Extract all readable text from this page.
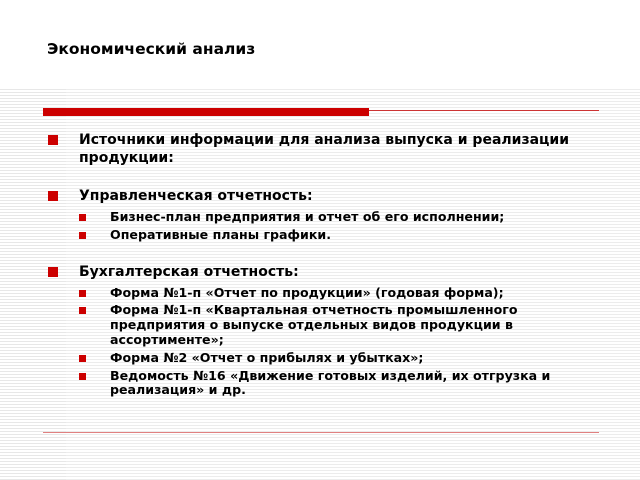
Экономический анализ
Источники информации для анализа выпуска и реализации продукции:
Управленческая отчетность:
Бизнес-план предприятия и отчет об его исполнении;
Оперативные планы графики.
Бухгалтерская отчетность:
Форма №1-п «Отчет по продукции» (годовая форма);
Форма №1-п «Квартальная отчетность промышленного предприятия о выпуске отдельных видов продукции в ассортименте»;
Форма №2 «Отчет о прибылях и убытках»;
Ведомость №16 «Движение готовых изделий, их отгрузка и реализация» и др.
